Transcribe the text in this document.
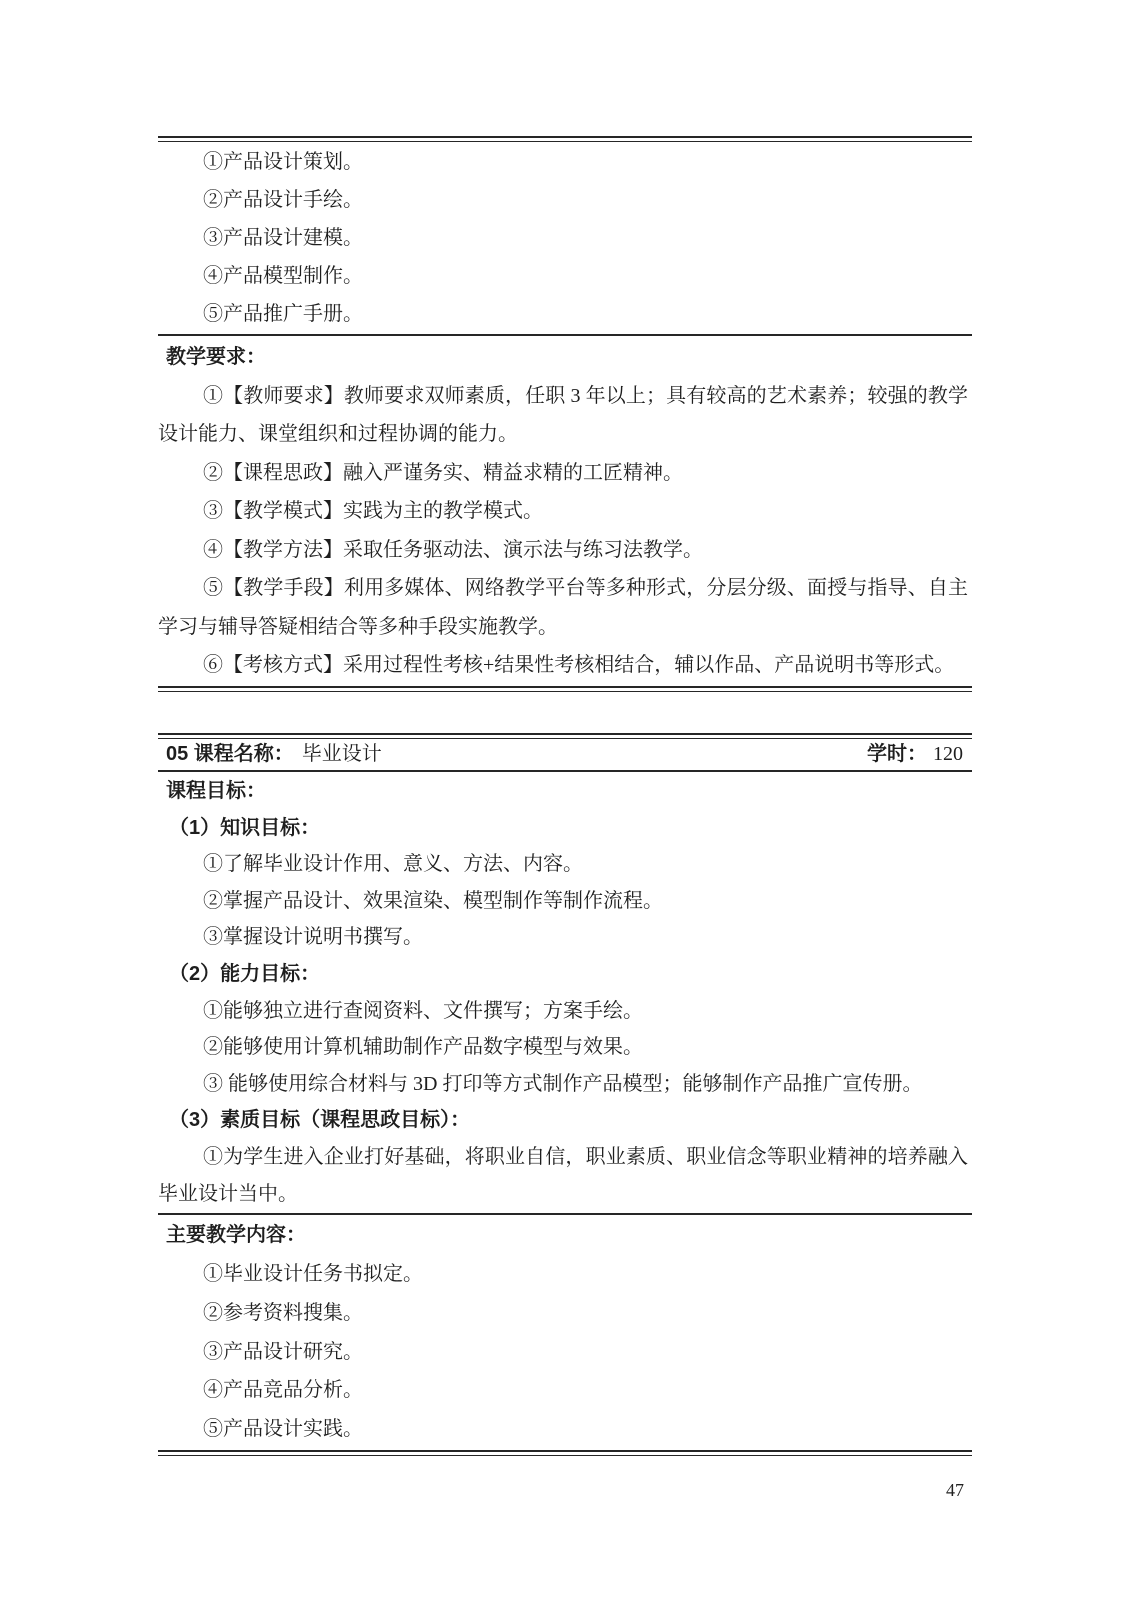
①产品设计策划。

②产品设计手绘。

③产品设计建模。

④产品模型制作。

⑤产品推广手册。

教学要求：

①【教师要求】教师要求双师素质，任职 3 年以上；具有较高的艺术素养；较强的教学设计能力、课堂组织和过程协调的能力。

②【课程思政】融入严谨务实、精益求精的工匠精神。

③【教学模式】实践为主的教学模式。

④【教学方法】采取任务驱动法、演示法与练习法教学。

⑤【教学手段】利用多媒体、网络教学平台等多种形式，分层分级、面授与指导、自主学习与辅导答疑相结合等多种手段实施教学。

⑥【考核方式】采用过程性考核+结果性考核相结合，辅以作品、产品说明书等形式。

05 课程名称： 毕业设计	学时： 120

课程目标：

（1）知识目标：

①了解毕业设计作用、意义、方法、内容。

②掌握产品设计、效果渲染、模型制作等制作流程。

③掌握设计说明书撰写。

（2）能力目标：

①能够独立进行查阅资料、文件撰写；方案手绘。

②能够使用计算机辅助制作产品数字模型与效果。

③ 能够使用综合材料与 3D 打印等方式制作产品模型；能够制作产品推广宣传册。

（3）素质目标（课程思政目标）：

①为学生进入企业打好基础，将职业自信，职业素质、职业信念等职业精神的培养融入毕业设计当中。

主要教学内容：

①毕业设计任务书拟定。

②参考资料搜集。

③产品设计研究。

④产品竞品分析。

⑤产品设计实践。

47
